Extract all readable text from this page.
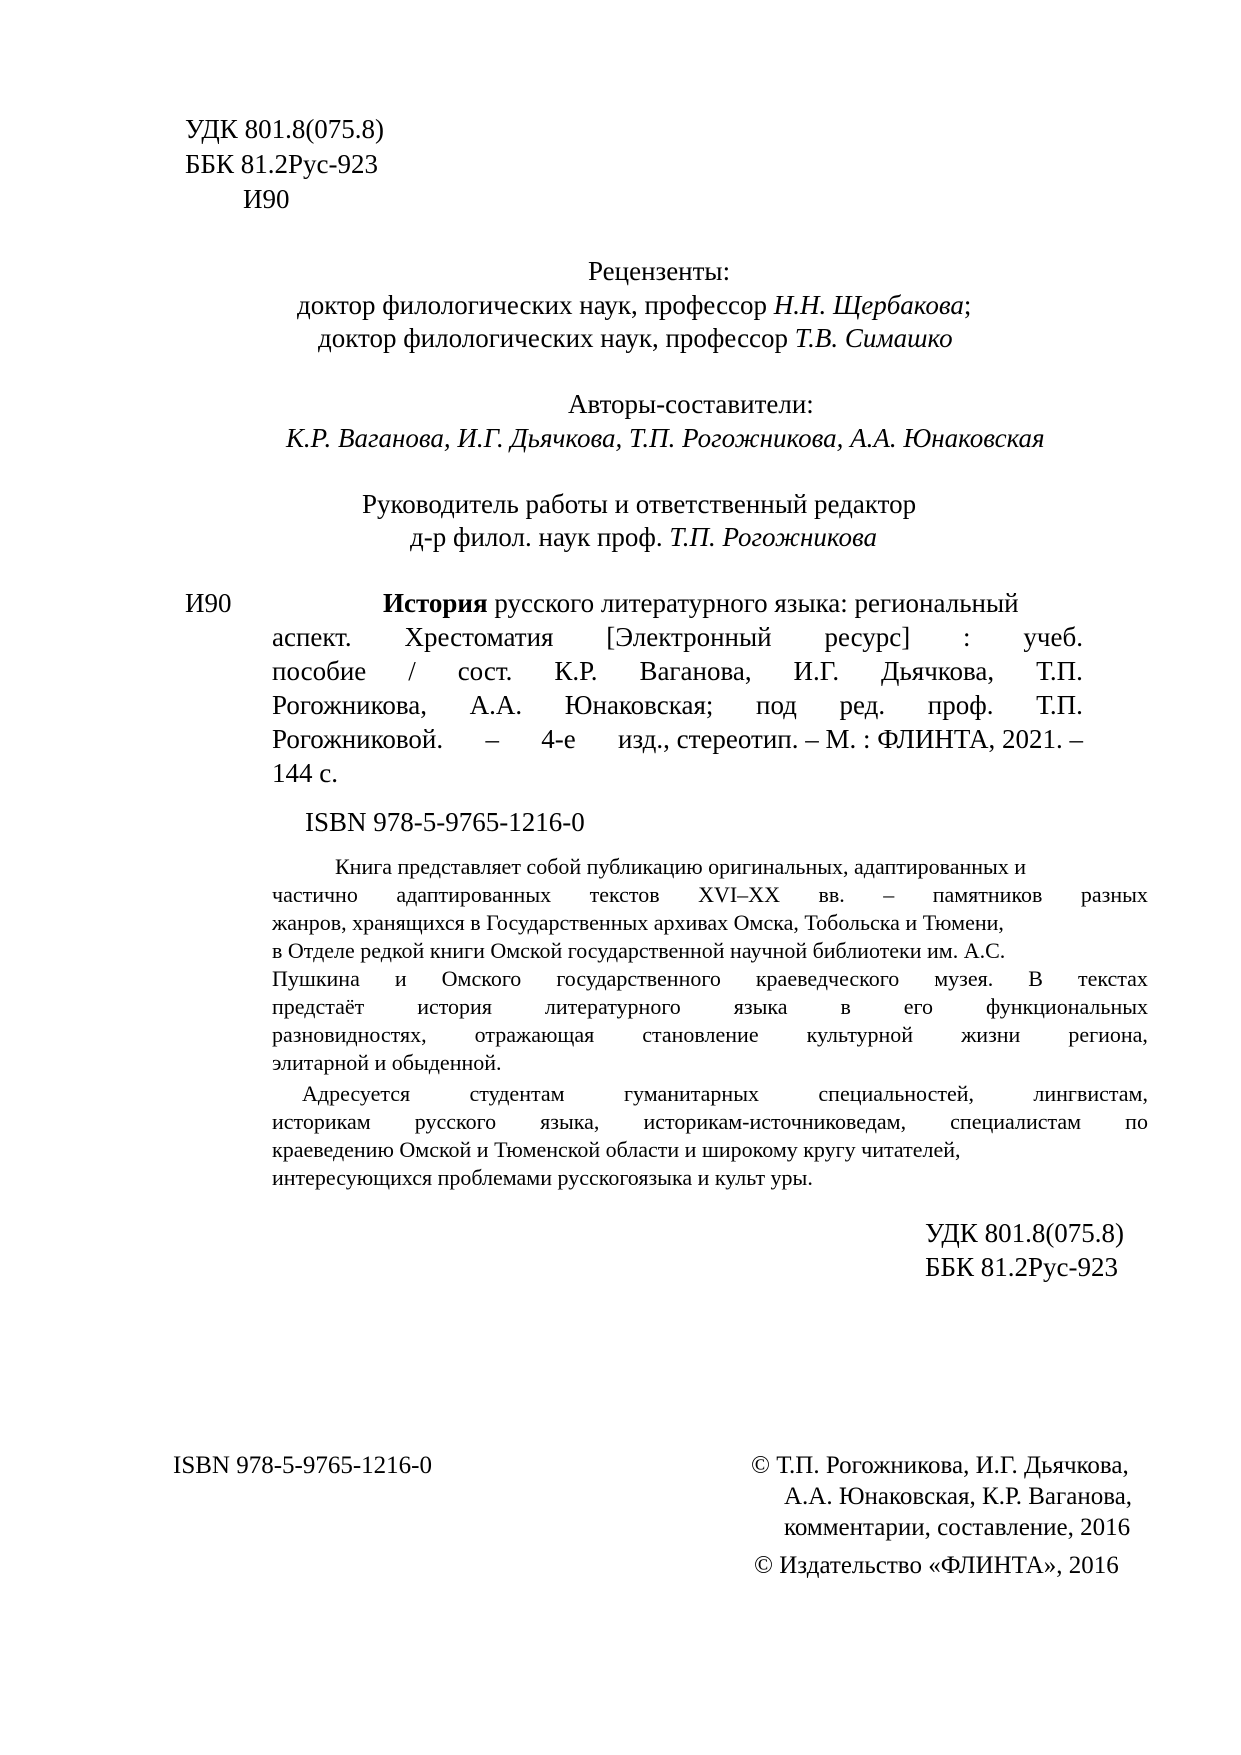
УДК 801.8(075.8)
ББК 81.2Рус-923
И90
Рецензенты:
доктор филологических наук, профессор Н.Н. Щербакова;
доктор филологических наук, профессор Т.В. Симашко
Авторы-составители:
К.Р. Ваганова, И.Г. Дьячкова, Т.П. Рогожникова, А.А. Юнаковская
Руководитель работы и ответственный редактор
д-р филол. наук проф. Т.П. Рогожникова
И90	История русского литературного языка: региональный
аспект. Хрестоматия [Электронный ресурс] : учеб.
пособие / сост. К.Р. Ваганова, И.Г. Дьячкова, Т.П.
Рогожникова, А.А. Юнаковская; под ред. проф. Т.П.
Рогожниковой. – 4-е изд., стереотип. – М. : ФЛИНТА, 2021. –
144 с.
ISBN 978-5-9765-1216-0
Книга представляет собой публикацию оригинальных, адаптированных и
частично адаптированных текстов XVI–XX вв. – памятников разных
жанров, хранящихся в Государственных архивах Омска, Тобольска и Тюмени,
в Отделе редкой книги Омской государственной научной библиотеки им. А.С.
Пушкина и Омского государственного краеведческого музея. В текстах
предстаёт история литературного языка в его функциональных
разновидностях, отражающая становление культурной жизни региона,
элитарной и обыденной.
Адресуется	студентам	гуманитарных	специальностей,	лингвистам,
историкам русского языка, историкам-источниковедам, специалистам по
краеведению Омской и Тюменской области и широкому кругу читателей,
интересующихся проблемами русскогоязыка и культ уры.
УДК 801.8(075.8)
ББК 81.2Рус-923
ISBN 978-5-9765-1216-0	© Т.П. Рогожникова, И.Г. Дьячкова,
А.А. Юнаковская, К.Р. Ваганова,
комментарии, составление, 2016
© Издательство «ФЛИНТА», 2016
